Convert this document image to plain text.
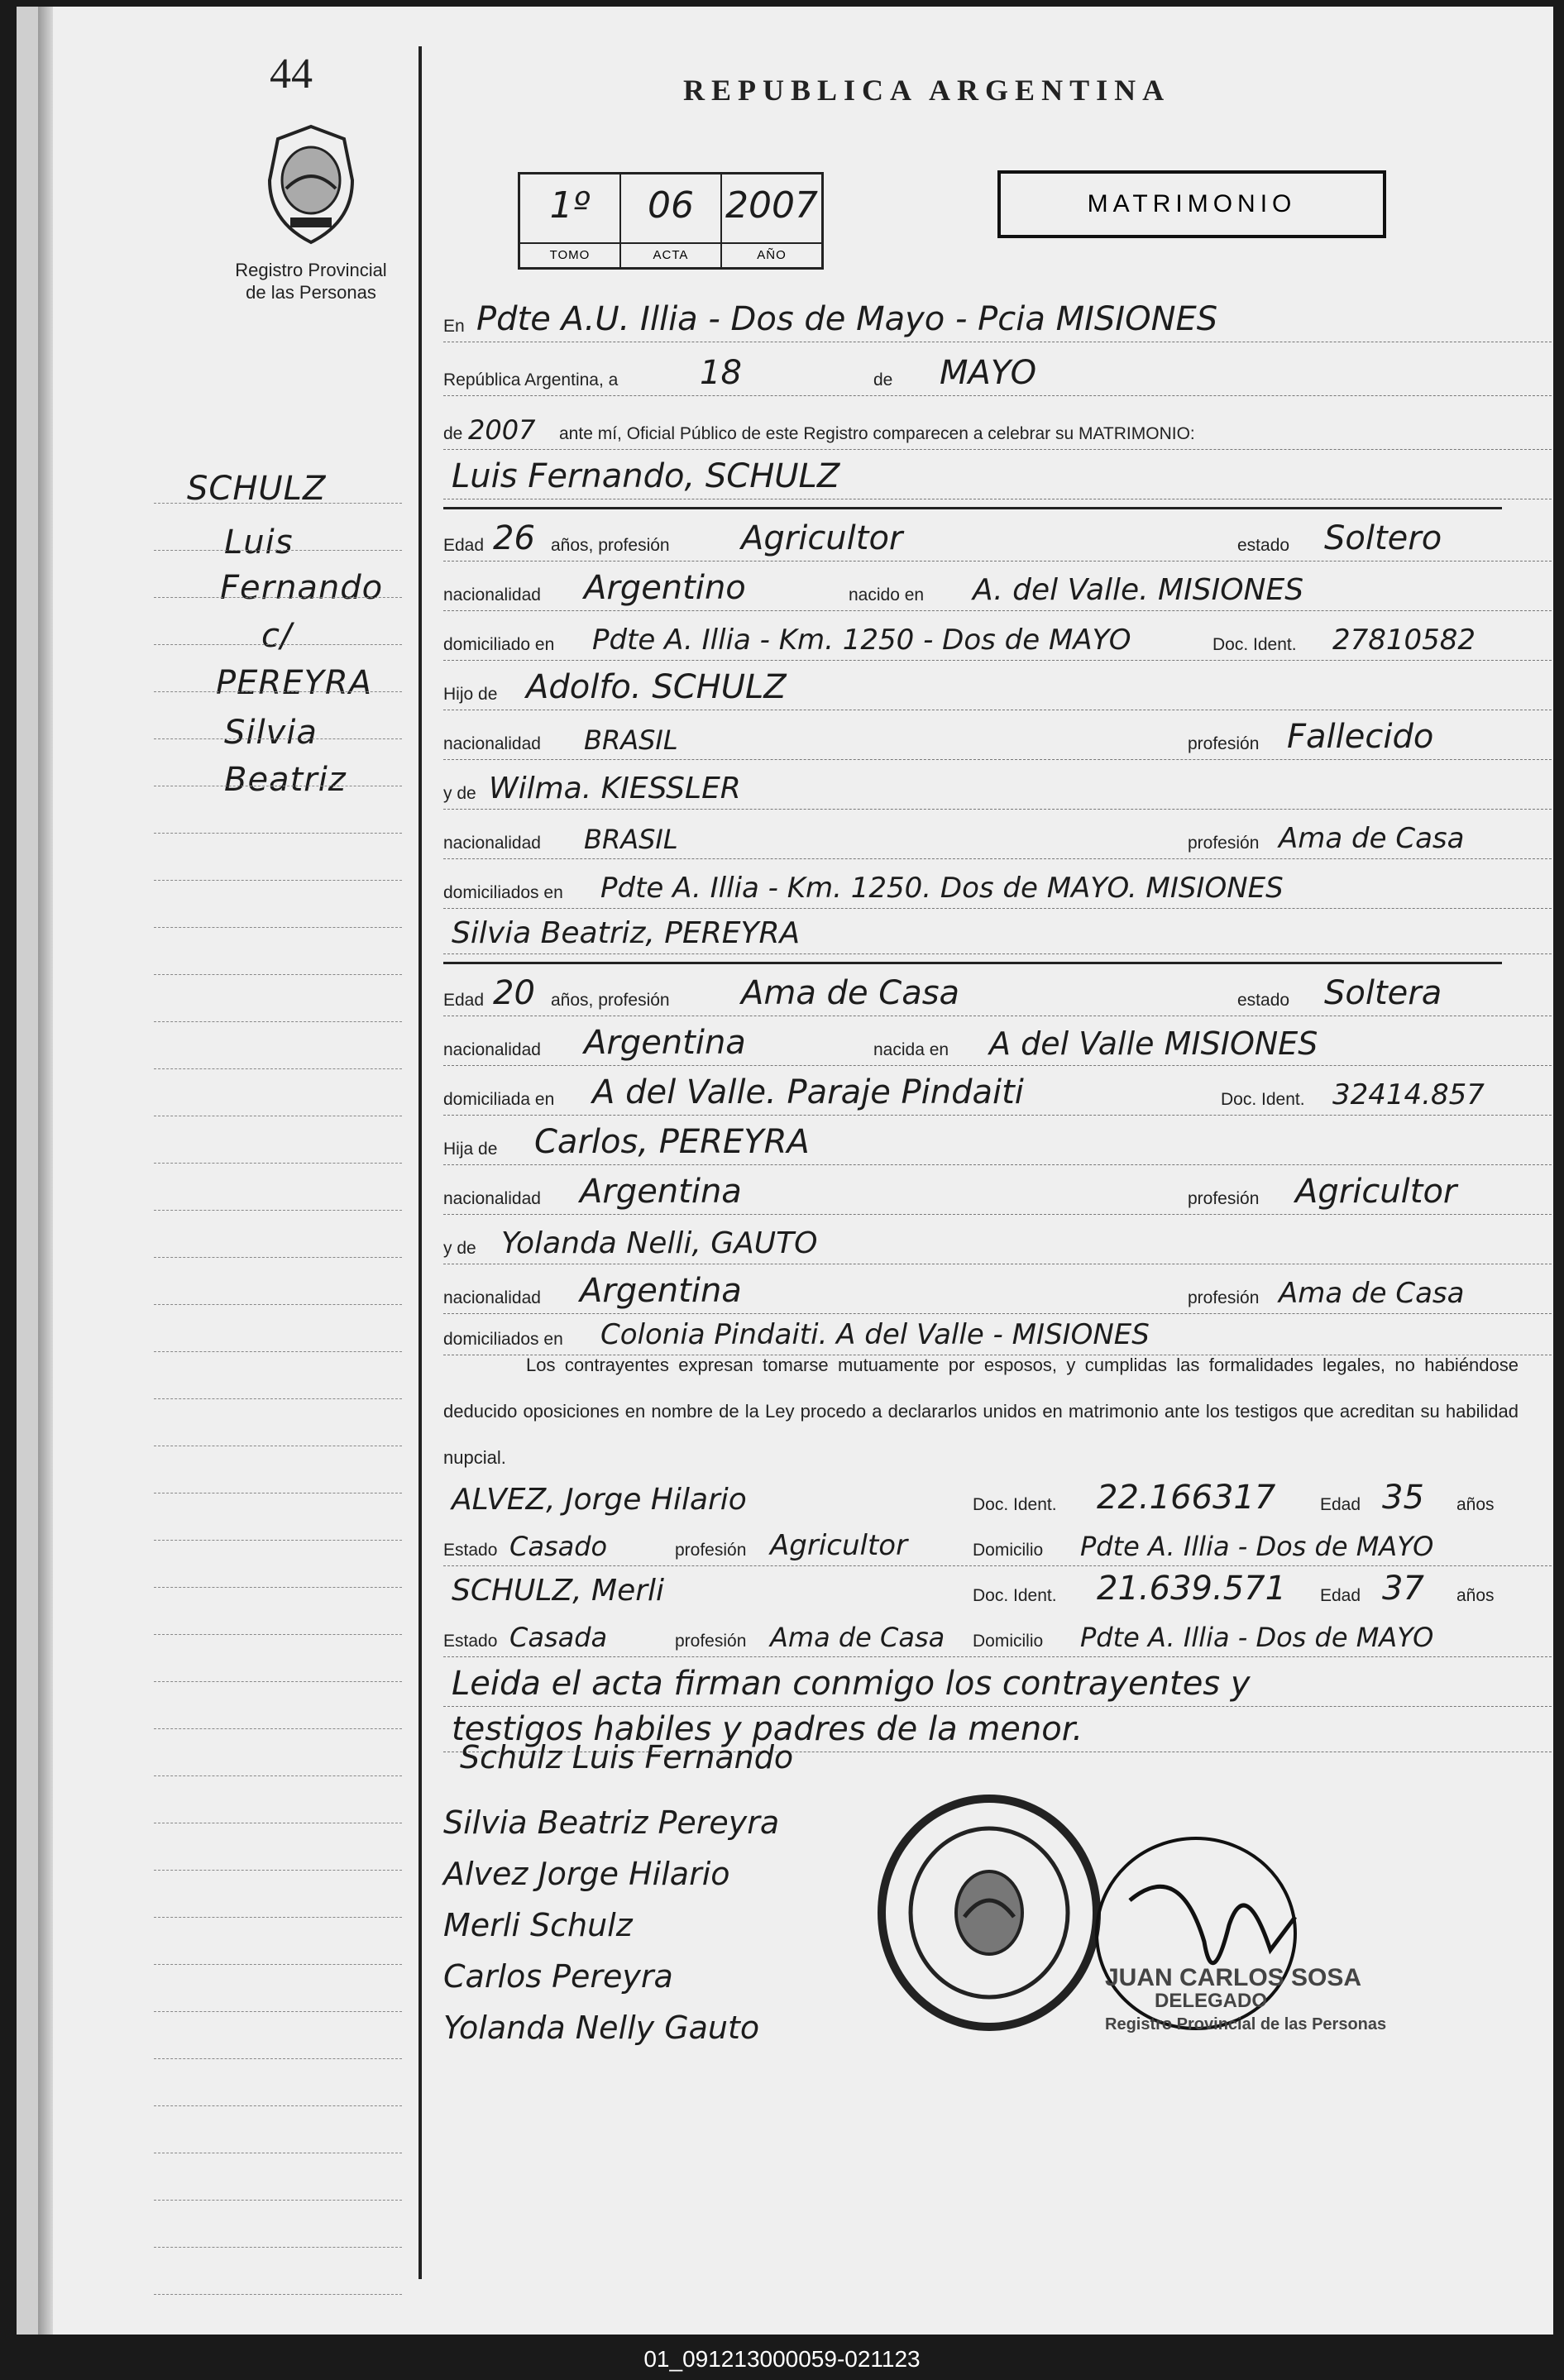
44
Registro Provincial
de las Personas
SCHULZ
Luis
Fernando
c/
PEREYRA
Silvia
Beatriz
REPUBLICA ARGENTINA
1º
TOMO
06
ACTA
2007
AÑO
MATRIMONIO
En Pdte A.U. Illia - Dos de Mayo - Pcia MISIONES
República Argentina, a 18	de MAYO
de 2007 ante mí, Oficial Público de este Registro comparecen a celebrar su MATRIMONIO:
Luis Fernando, SCHULZ
Edad 26 años, profesión Agricultor	estado Soltero
nacionalidad Argentino	nacido en A. del Valle. MISIONES
domiciliado en Pdte A. Illia - Km. 1250 - Dos de MAYO	Doc. Ident. 27810582
Hijo de Adolfo. SCHULZ
nacionalidad BRASIL	profesión Fallecido
y de Wilma. KIESSLER
nacionalidad BRASIL	profesión Ama de Casa
domiciliados en Pdte A. Illia - Km. 1250. Dos de MAYO. MISIONES
Silvia Beatriz, PEREYRA
Edad 20 años, profesión Ama de Casa	estado Soltera
nacionalidad Argentina	nacida en A del Valle MISIONES
domiciliada en A del Valle. Paraje Pindaiti	Doc. Ident. 32414.857
Hija de Carlos, PEREYRA
nacionalidad Argentina	profesión Agricultor
y de Yolanda Nelli, GAUTO
nacionalidad Argentina	profesión Ama de Casa
domiciliados en Colonia Pindaiti. A del Valle - MISIONES
Los contrayentes expresan tomarse mutuamente por esposos, y cumplidas las formalidades legales, no habiéndose deducido oposiciones en nombre de la Ley procedo a declararlos unidos en matrimonio ante los testigos que acreditan su habilidad nupcial.
ALVEZ, Jorge Hilario	Doc. Ident. 22.166317	Edad 35 años
Estado Casado	profesión Agricultor	Domicilio Pdte A. Illia - Dos de MAYO
SCHULZ, Merli	Doc. Ident. 21.639.571 Edad 37 años
Estado Casada	profesión Ama de Casa Domicilio Pdte A. Illia - Dos de MAYO
Leida el acta firman conmigo los contrayentes y
testigos habiles y padres de la menor.
Schulz Luis Fernando
Silvia Beatriz Pereyra
Alvez Jorge Hilario
Merli Schulz
Carlos Pereyra
Yolanda Nelly Gauto
JUAN CARLOS SOSA
DELEGADO
Registro Provincial de las Personas
01_091213000059-021123
